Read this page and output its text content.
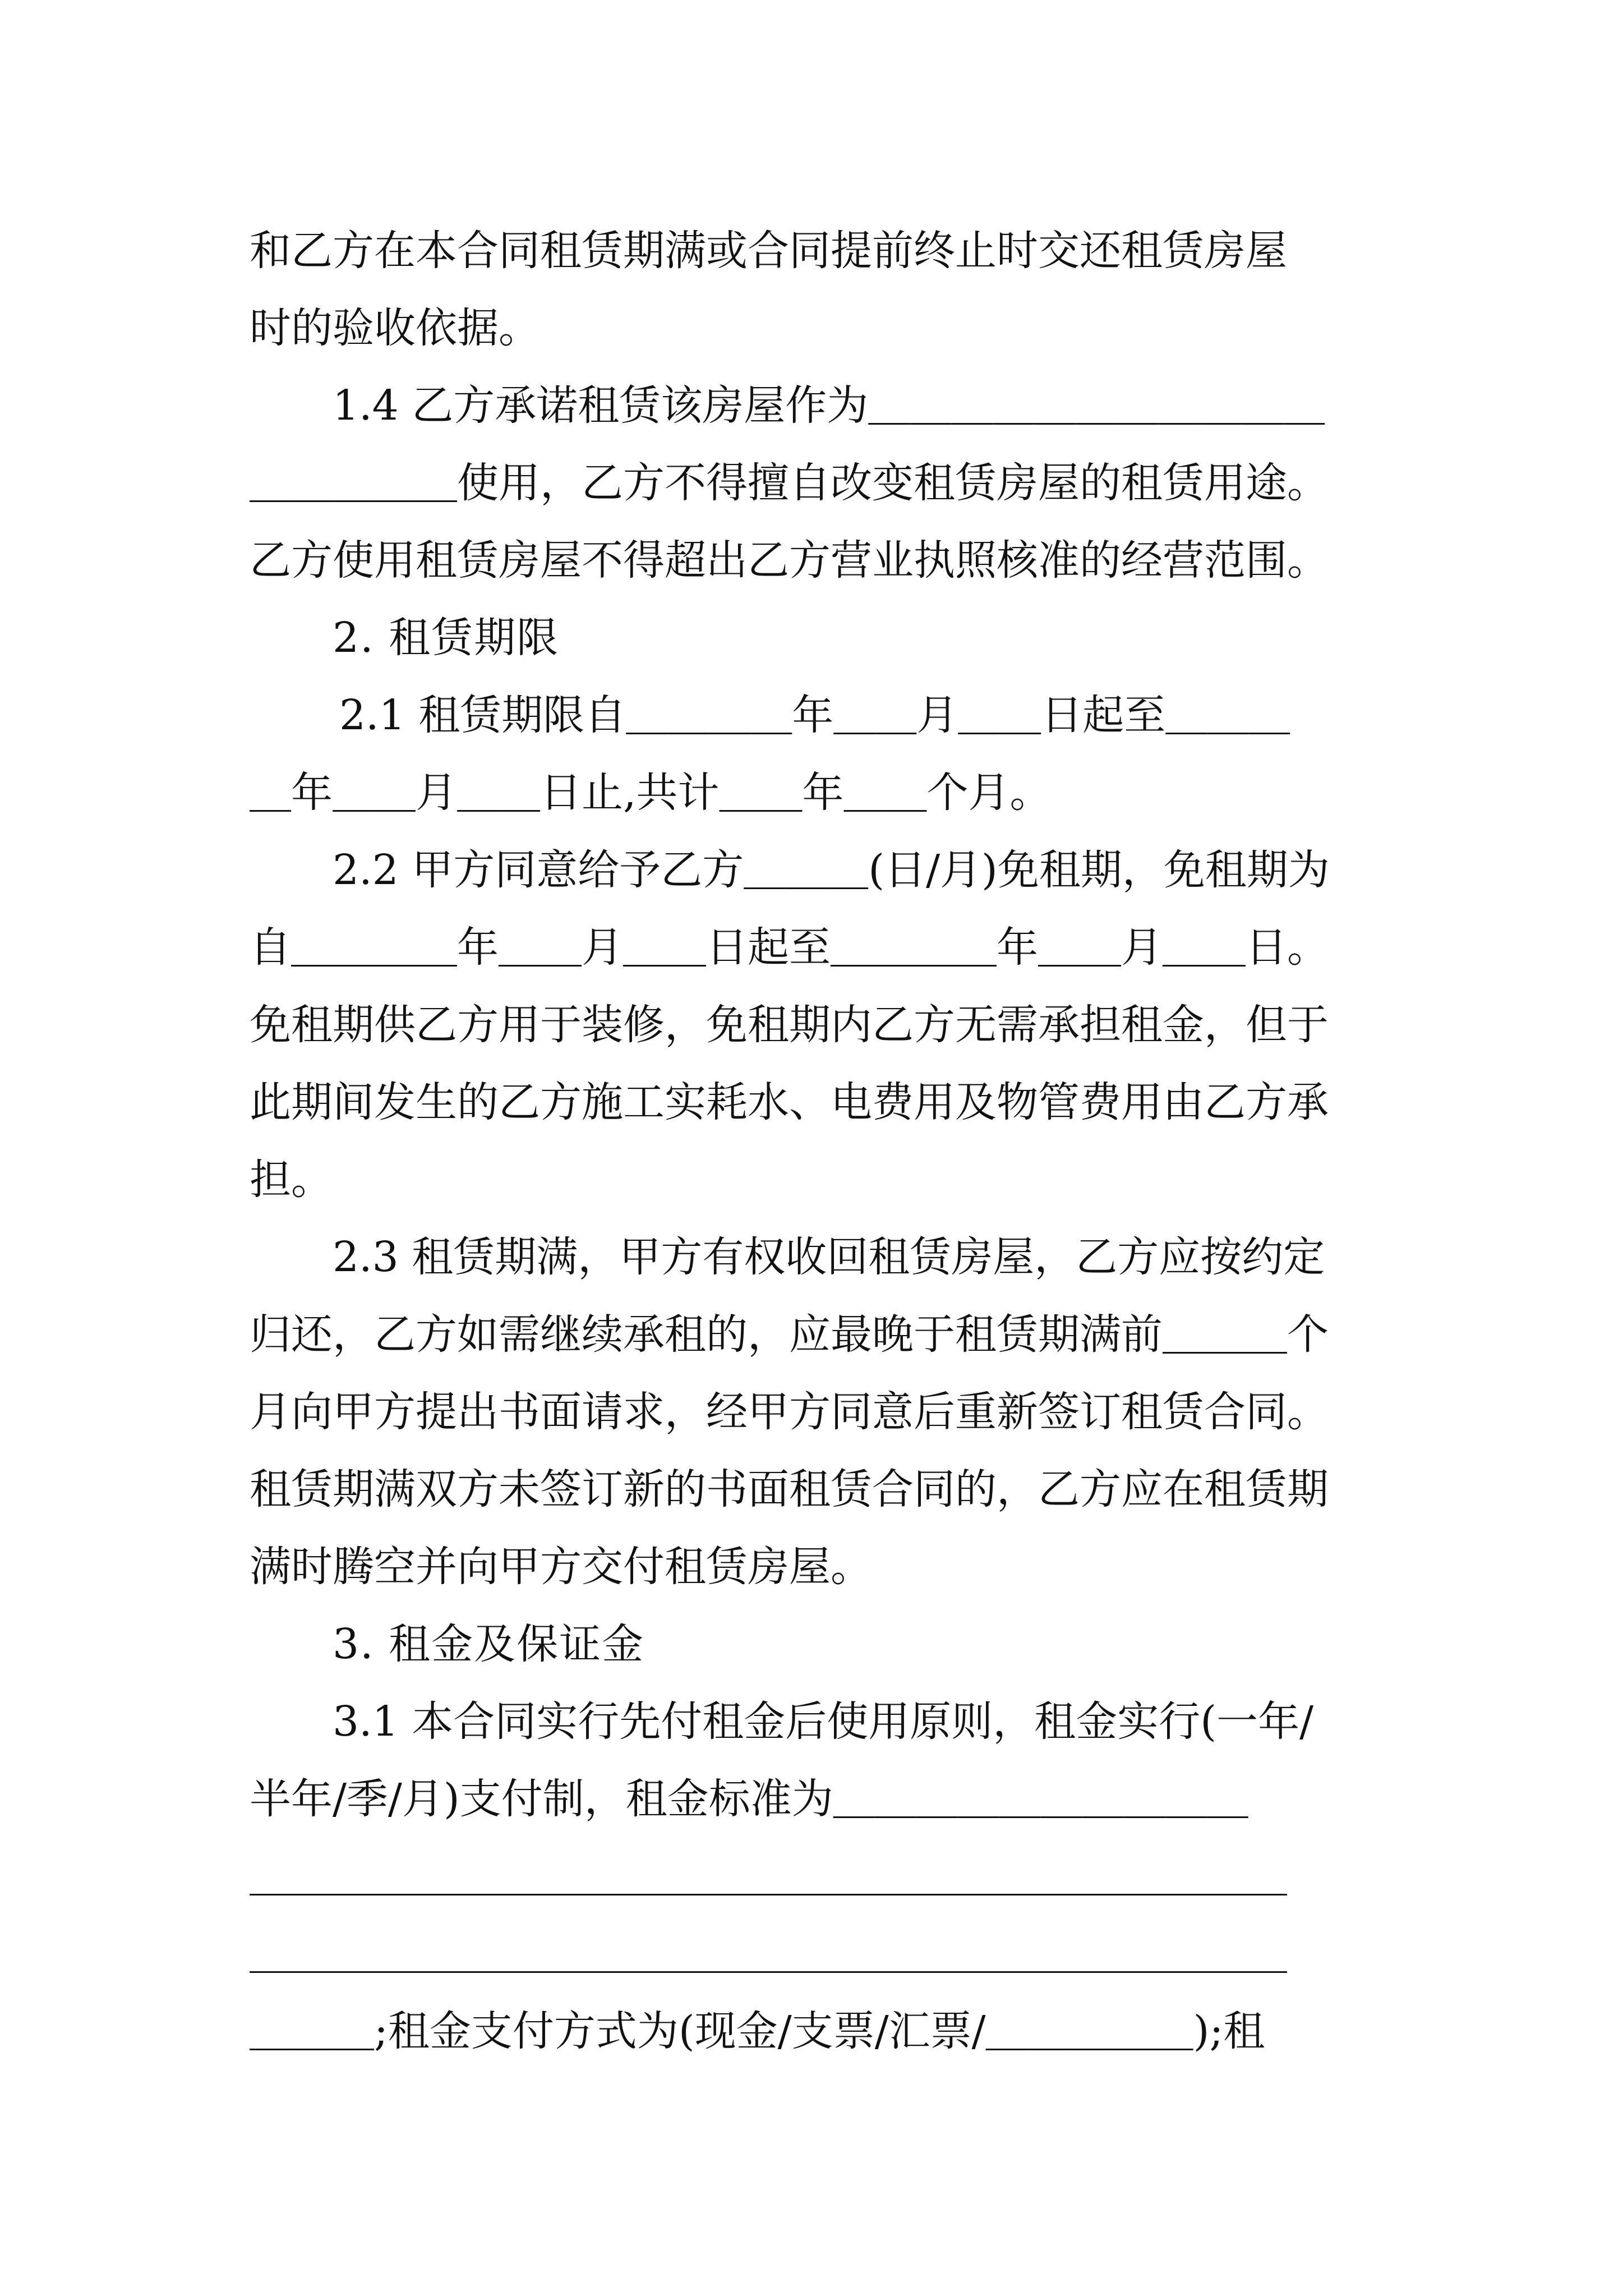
和乙方在本合同租赁期满或合同提前终止时交还租赁房屋
时的验收依据。
1.4 乙方承诺租赁该房屋作为＿＿＿＿＿＿＿＿＿＿＿
＿＿＿＿＿使用，乙方不得擅自改变租赁房屋的租赁用途。
乙方使用租赁房屋不得超出乙方营业执照核准的经营范围。
2. 租赁期限
2.1 租赁期限自＿＿＿＿年＿＿月＿＿日起至＿＿＿
＿年＿＿月＿＿日止,共计＿＿年＿＿个月。
2.2 甲方同意给予乙方＿＿＿(日/月)免租期，免租期为
自＿＿＿＿年＿＿月＿＿日起至＿＿＿＿年＿＿月＿＿日。
免租期供乙方用于装修，免租期内乙方无需承担租金，但于
此期间发生的乙方施工实耗水、电费用及物管费用由乙方承
担。
2.3 租赁期满，甲方有权收回租赁房屋，乙方应按约定
归还，乙方如需继续承租的，应最晚于租赁期满前＿＿＿个
月向甲方提出书面请求，经甲方同意后重新签订租赁合同。
租赁期满双方未签订新的书面租赁合同的，乙方应在租赁期
满时腾空并向甲方交付租赁房屋。
3. 租金及保证金
3.1 本合同实行先付租金后使用原则，租金实行(一年/
半年/季/月)支付制，租金标准为＿＿＿＿＿＿＿＿＿＿
＿＿＿＿＿＿＿＿＿＿＿＿＿＿＿＿＿＿＿＿＿＿＿＿＿
＿＿＿＿＿＿＿＿＿＿＿＿＿＿＿＿＿＿＿＿＿＿＿＿＿
＿＿＿;租金支付方式为(现金/支票/汇票/＿＿＿＿＿);租
